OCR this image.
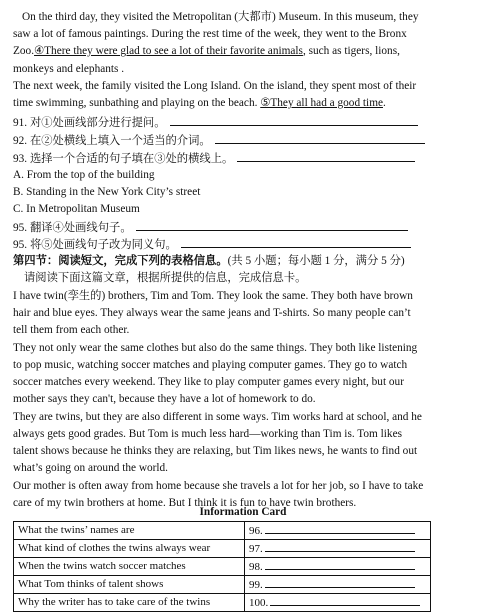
On the third day, they visited the Metropolitan (大都市) Museum. In this museum, they
saw a lot of famous paintings. During the rest time of the week, they went to the Bronx
Zoo.④There they were glad to see a lot of their favorite animals, such as tigers, lions,
monkeys and elephants .
The next week, the family visited the Long Island. On the island, they spent most of their
time swimming, sunbathing and playing on the beach. ⑤They all had a good time.
91. 对①处画线部分进行提问。
92. 在②处横线上填入一个适当的介词。
93. 选择一个合适的句子填在③处的横线上。
A. From the top of the building
B. Standing in the New York City’s street
C. In Metropolitan Museum
95. 翻译④处画线句子。
95. 将⑤处画线句子改为同义句。
第四节：阅读短文，完成下列的表格信息。(共 5 小题；每小题 1 分，满分 5 分)
请阅读下面这篇文章，根据所提供的信息，完成信息卡。
I have twin(孪生的) brothers, Tim and Tom. They look the same. They both have brown
hair and blue eyes. They always wear the same jeans and T-shirts. So many people can’t
tell them from each other.
They not only wear the same clothes but also do the same things. They both like listening
to pop music, watching soccer matches and playing computer games. They go to watch
soccer matches every weekend. They like to play computer games every night, but our
mother says they can't, because they have a lot of homework to do.
They are twins, but they are also different in some ways. Tim works hard at school, and he
always gets good grades. But Tom is much less hard—working than Tim is. Tom likes
talent shows because he thinks they are relaxing, but Tim likes news, he wants to find out
what’s going on around the world.
Our mother is often away from home because she travels a lot for her job, so I have to take
care of my twin brothers at home. But I think it is fun to have twin brothers.
Information Card
What the twins’ names are	96.
What kind of clothes the twins always wear	97.
When the twins watch soccer matches	98.
What Tom thinks of talent shows	99.
Why the writer has to take care of the twins	100.
